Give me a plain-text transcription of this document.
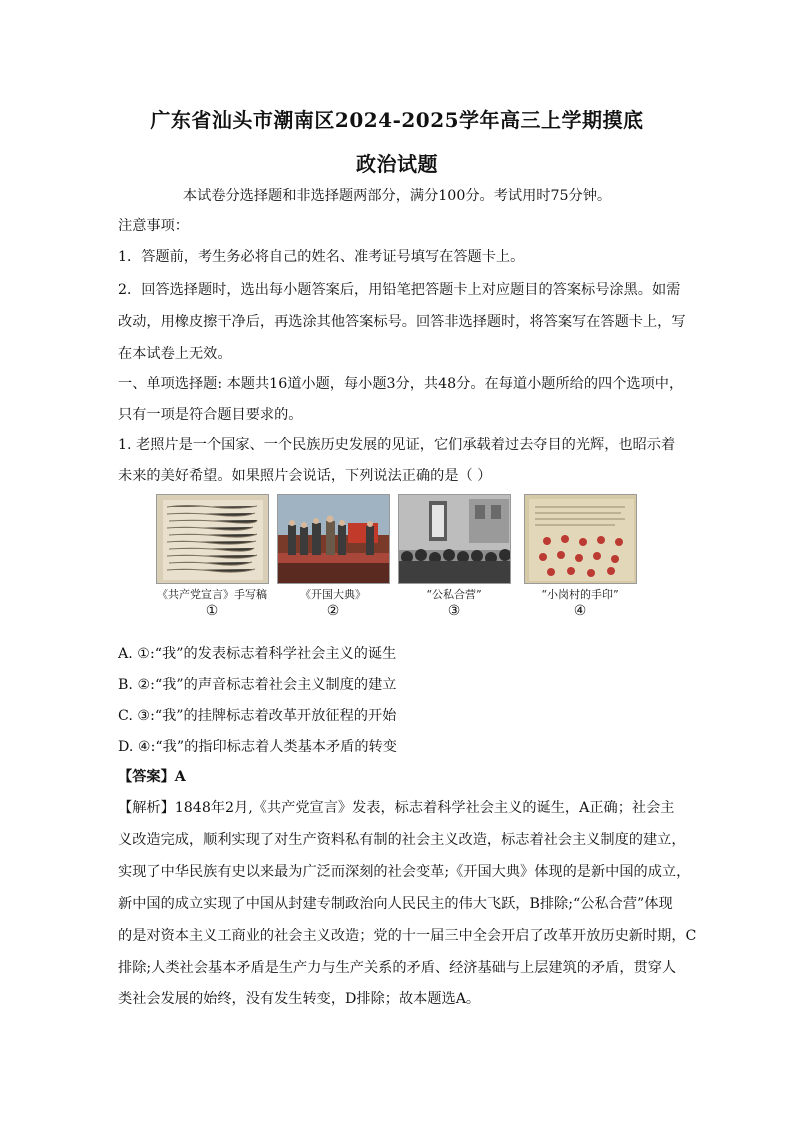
广东省汕头市潮南区2024-2025学年高三上学期摸底
政治试题
本试卷分选择题和非选择题两部分，满分100分。考试用时75分钟。
注意事项：
1．答题前，考生务必将自己的姓名、准考证号填写在答题卡上。
2．回答选择题时，选出每小题答案后，用铅笔把答题卡上对应题目的答案标号涂黑。如需
改动，用橡皮擦干净后，再选涂其他答案标号。回答非选择题时，将答案写在答题卡上，写
在本试卷上无效。
一、单项选择题: 本题共16道小题，每小题3分，共48分。在每道小题所给的四个选项中，
只有一项是符合题目要求的。
1. 老照片是一个国家、一个民族历史发展的见证，它们承载着过去夺目的光辉，也昭示着
未来的美好希望。如果照片会说话，下列说法正确的是（ ）
《共产党宣言》手写稿
①
《开国大典》
②
“公私合营”
③
“小岗村的手印”
④
A. ①:“我”的发表标志着科学社会主义的诞生
B. ②:“我”的声音标志着社会主义制度的建立
C. ③:“我”的挂牌标志着改革开放征程的开始
D. ④:“我”的指印标志着人类基本矛盾的转变
【答案】A
【解析】1848年2月,《共产党宣言》发表，标志着科学社会主义的诞生，A正确；社会主
义改造完成，顺利实现了对生产资料私有制的社会主义改造，标志着社会主义制度的建立，
实现了中华民族有史以来最为广泛而深刻的社会变革;《开国大典》体现的是新中国的成立，
新中国的成立实现了中国从封建专制政治向人民民主的伟大飞跃，B排除;“公私合营”体现
的是对资本主义工商业的社会主义改造；党的十一届三中全会开启了改革开放历史新时期，C
排除;人类社会基本矛盾是生产力与生产关系的矛盾、经济基础与上层建筑的矛盾，贯穿人
类社会发展的始终，没有发生转变，D排除；故本题选A。
